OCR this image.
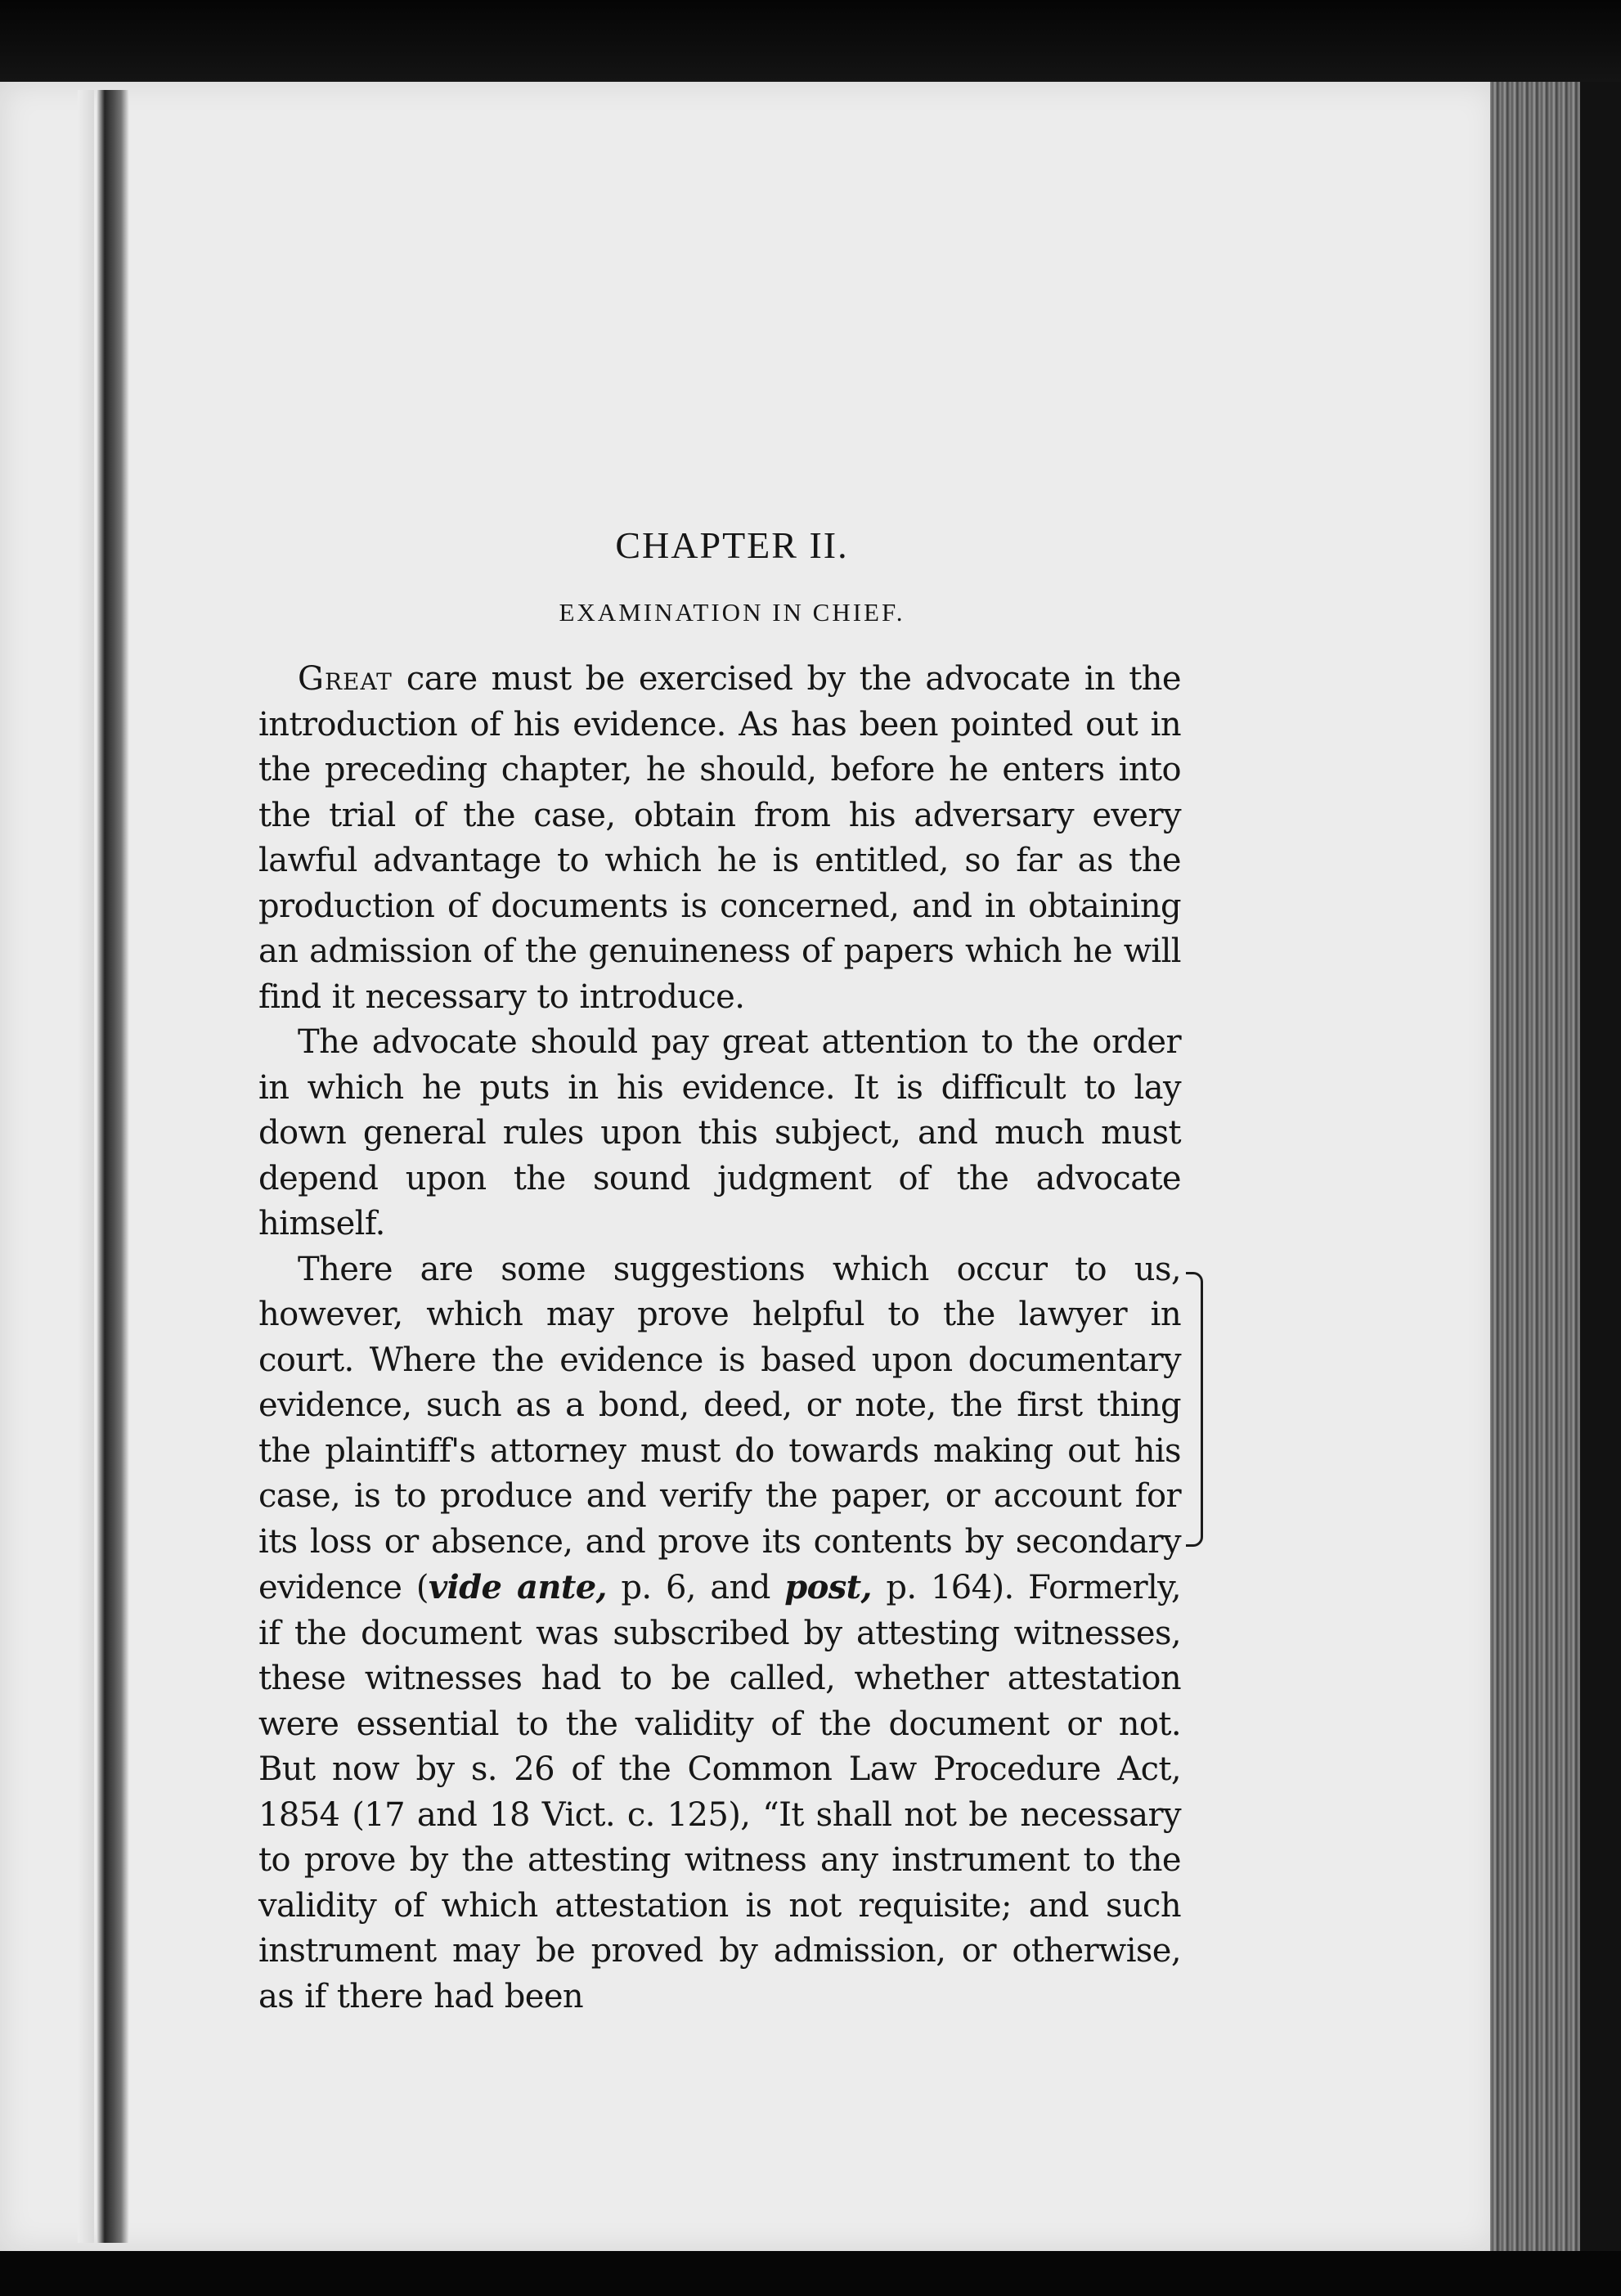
CHAPTER II.
EXAMINATION IN CHIEF.

Great care must be exercised by the advocate in the introduction of his evidence. As has been pointed out in the preceding chapter, he should, before he enters into the trial of the case, obtain from his adversary every lawful advantage to which he is entitled, so far as the production of documents is concerned, and in obtaining an admission of the genuineness of papers which he will find it necessary to introduce.

The advocate should pay great attention to the order in which he puts in his evidence. It is difficult to lay down general rules upon this subject, and much must depend upon the sound judgment of the advocate himself.

There are some suggestions which occur to us, however, which may prove helpful to the lawyer in court. Where the evidence is based upon documentary evidence, such as a bond, deed, or note, the first thing the plaintiff's attorney must do towards making out his case, is to produce and verify the paper, or account for its loss or absence, and prove its contents by secondary evidence (vide ante, p. 6, and post, p. 164). Formerly, if the document was subscribed by attesting witnesses, these witnesses had to be called, whether attestation were essential to the validity of the document or not. But now by s. 26 of the Common Law Procedure Act, 1854 (17 and 18 Vict. c. 125), “It shall not be necessary to prove by the attesting witness any instrument to the validity of which attestation is not requisite; and such instrument may be proved by admission, or otherwise, as if there had been
